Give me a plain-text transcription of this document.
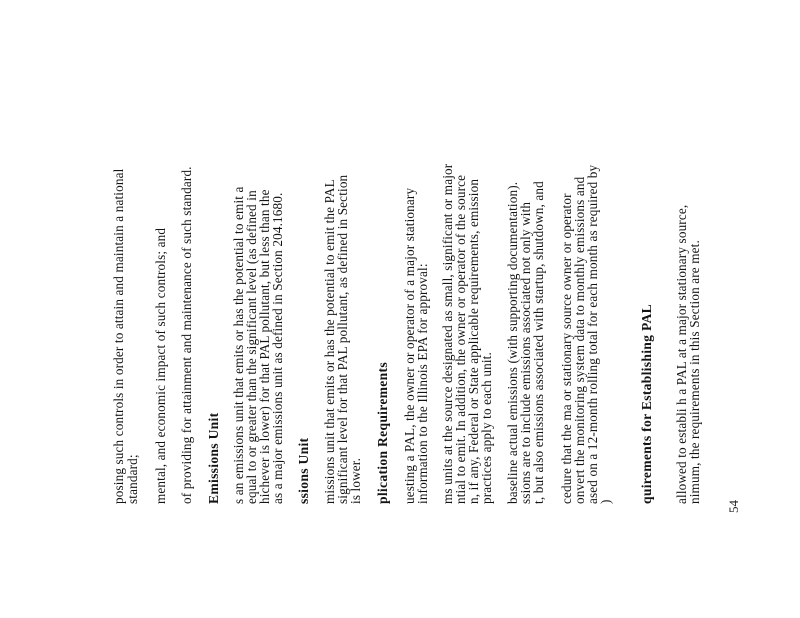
posing such controls in order to attain and maintain a national standard; mental, and economic impact of such controls; and of providing for attainment and maintenance of such standard. Emissions Unit s an emissions unit that emits or has the potential to emit a
equal to or greater than the significant level (as defined in
hichever is lower) for that PAL pollutant, but less than the
as a major emissions unit as defined in Section 204.1680. ssions Unit missions unit that emits or has the potential to emit the PAL
significant level for that PAL pollutant, as defined in Section
is lower. plication Requirements uesting a PAL, the owner or operator of a major stationary
information to the Illinois EPA for approval: ms units at the source designated as small, significant or major
ntial to emit. In addition, the owner or operator of the source
n, if any, Federal or State applicable requirements, emission
practices apply to each unit. baseline actual emissions (with supporting documentation).
ssions are to include emissions associated not only with
t, but also emissions associated with startup, shutdown, and cedure that the ma or stationary source owner or operator
onvert the monitoring system data to monthly emissions and
ased on a 12-month rolling total for each month as required by
) quirements for Establishing PAL allowed to establi h a PAL at a major stationary source,
nimum, the requirements in this Section are met.
54
